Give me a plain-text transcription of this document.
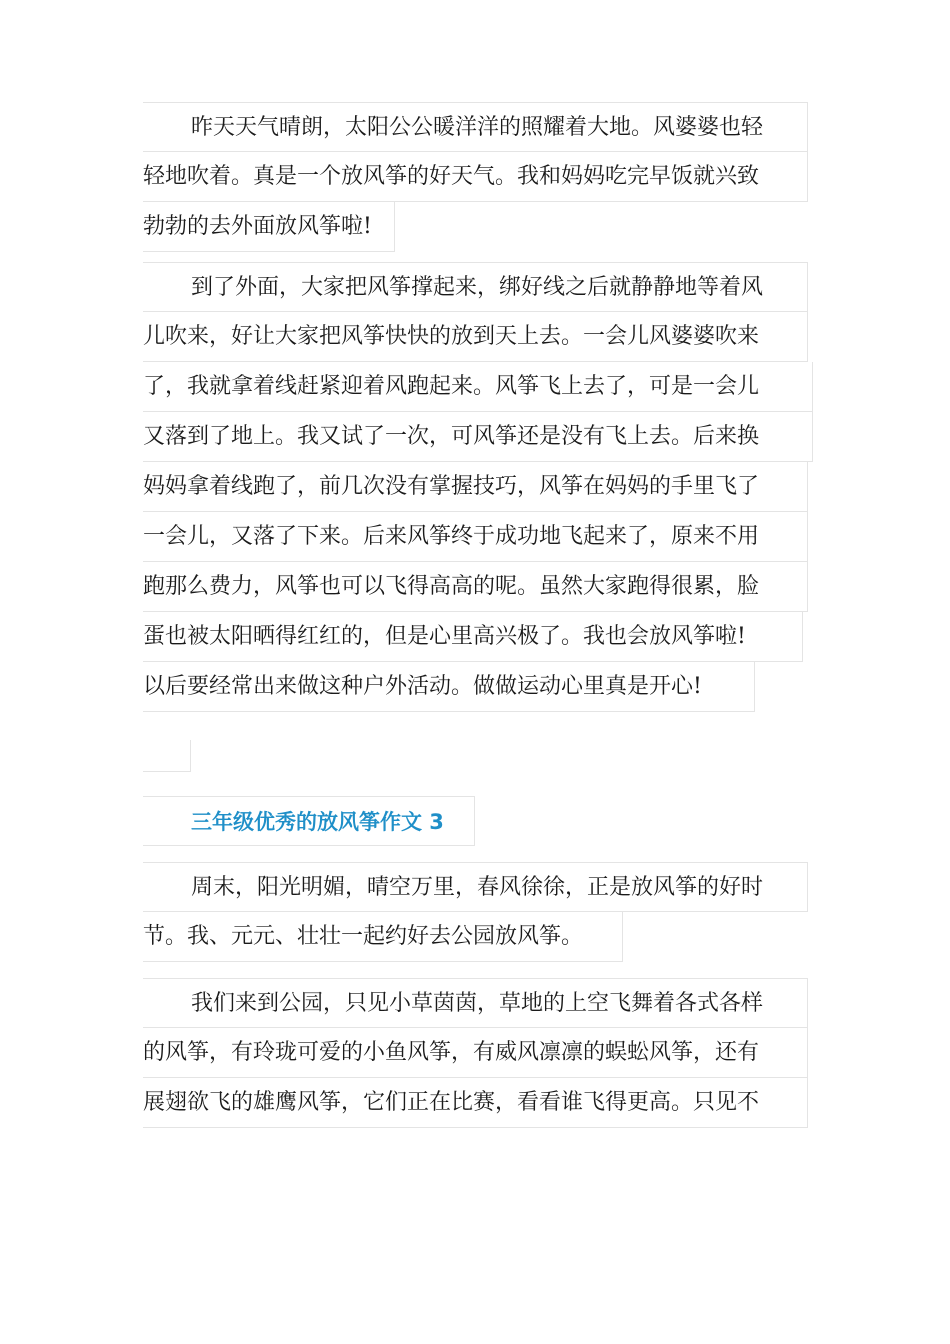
昨天天气晴朗，太阳公公暖洋洋的照耀着大地。风婆婆也轻
轻地吹着。真是一个放风筝的好天气。我和妈妈吃完早饭就兴致
勃勃的去外面放风筝啦!
到了外面，大家把风筝撑起来，绑好线之后就静静地等着风
儿吹来，好让大家把风筝快快的放到天上去。一会儿风婆婆吹来
了，我就拿着线赶紧迎着风跑起来。风筝飞上去了，可是一会儿
又落到了地上。我又试了一次，可风筝还是没有飞上去。后来换
妈妈拿着线跑了，前几次没有掌握技巧，风筝在妈妈的手里飞了
一会儿，又落了下来。后来风筝终于成功地飞起来了，原来不用
跑那么费力，风筝也可以飞得高高的呢。虽然大家跑得很累，脸
蛋也被太阳晒得红红的，但是心里高兴极了。我也会放风筝啦!
以后要经常出来做这种户外活动。做做运动心里真是开心!
三年级优秀的放风筝作文 3
周末，阳光明媚，晴空万里，春风徐徐，正是放风筝的好时
节。我、元元、壮壮一起约好去公园放风筝。
我们来到公园，只见小草茵茵，草地的上空飞舞着各式各样
的风筝，有玲珑可爱的小鱼风筝，有威风凛凛的蜈蚣风筝，还有
展翅欲飞的雄鹰风筝，它们正在比赛，看看谁飞得更高。只见不
